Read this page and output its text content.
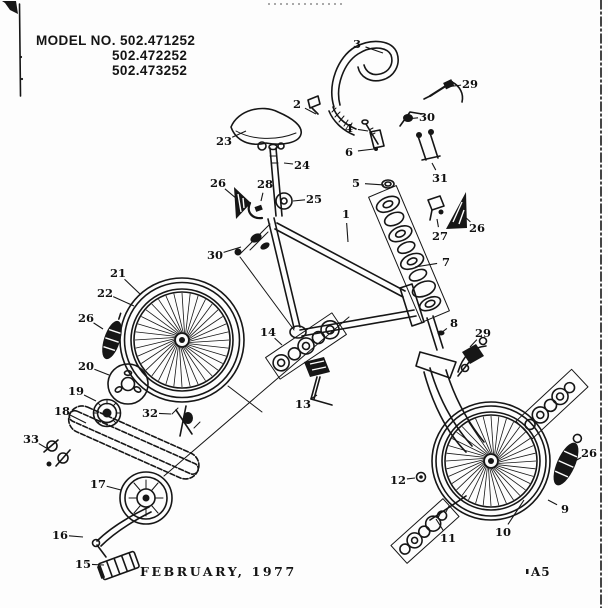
MODEL NO. 502.471252
502.472252
502.473252
FEBRUARY, 1977	A5
3
2
29
30
4
23
6
24
5
26	28
25
31
26
27
30	7
1
21
22
26
20
19
18
14
13
33
32
17
16
15
8
29
12
11	10
9
26
